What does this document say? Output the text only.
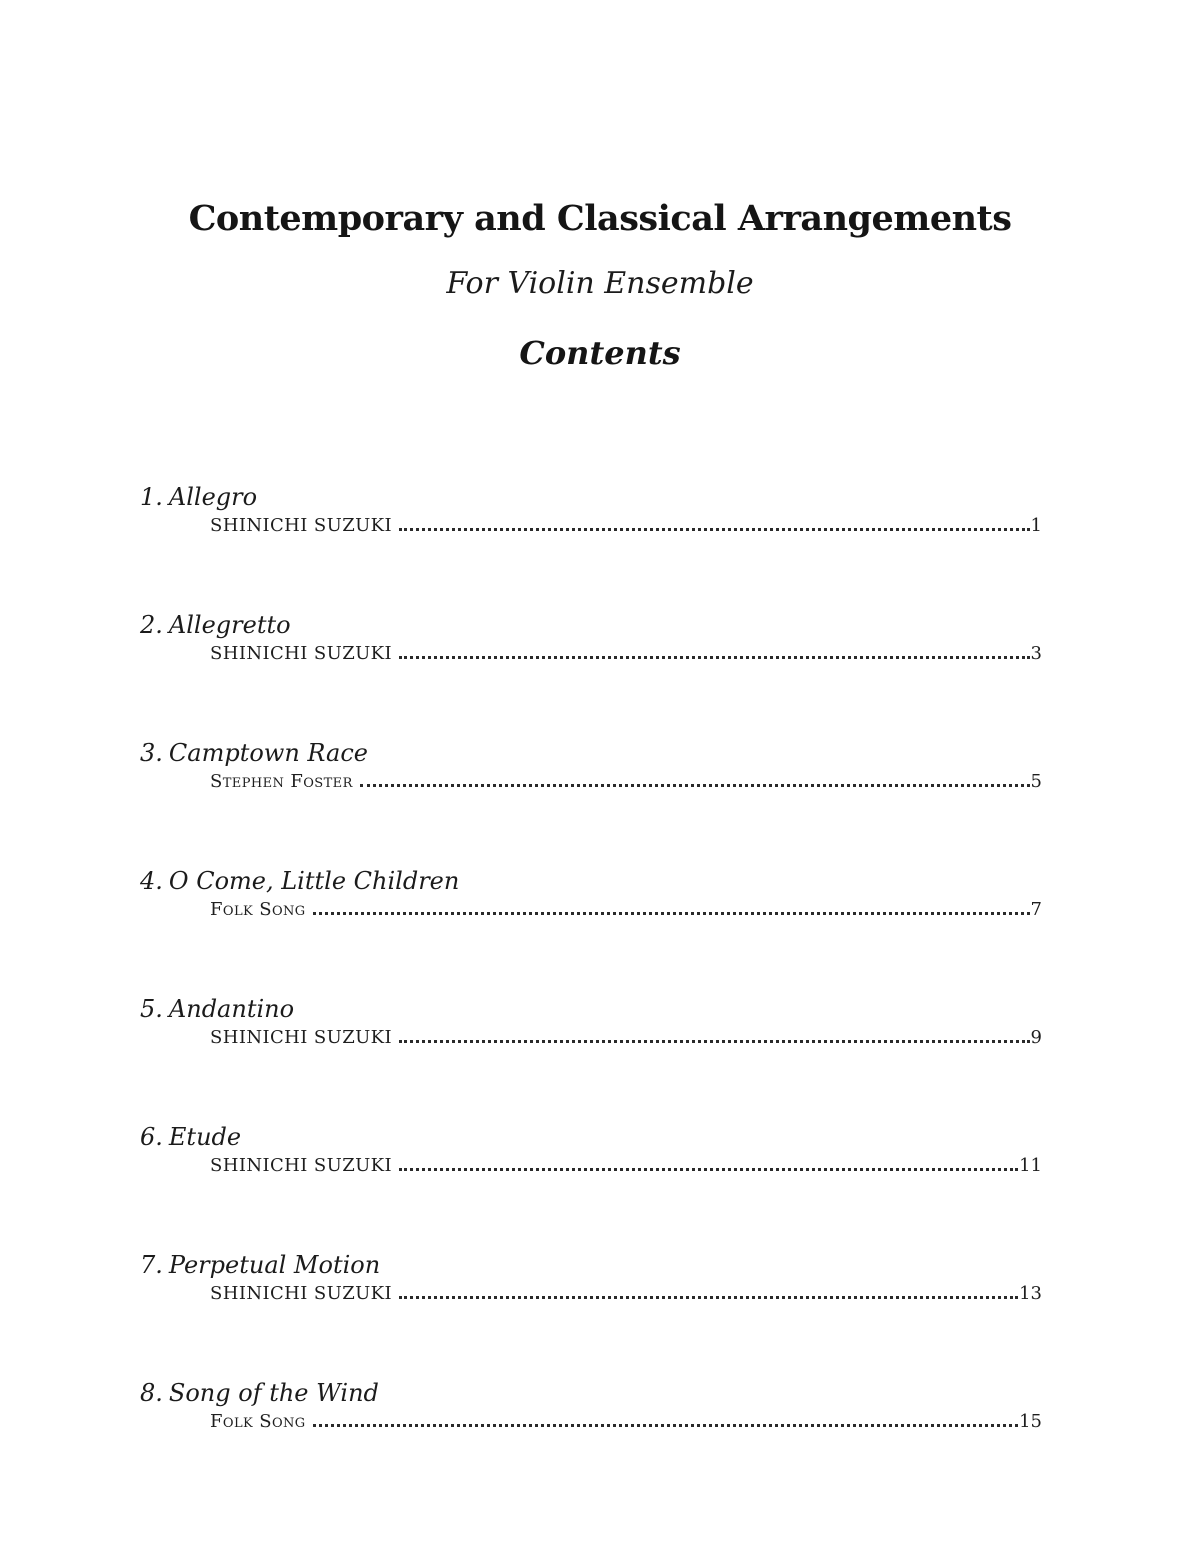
Contemporary and Classical Arrangements
For Violin Ensemble
Contents
1. Allegro
SHINICHI SUZUKI	1
2. Allegretto
SHINICHI SUZUKI	3
3. Camptown Race
Stephen Foster	5
4. O Come, Little Children
Folk Song	7
5. Andantino
SHINICHI SUZUKI	9
6. Etude
SHINICHI SUZUKI	11
7. Perpetual Motion
SHINICHI SUZUKI	13
8. Song of the Wind
Folk Song	15
